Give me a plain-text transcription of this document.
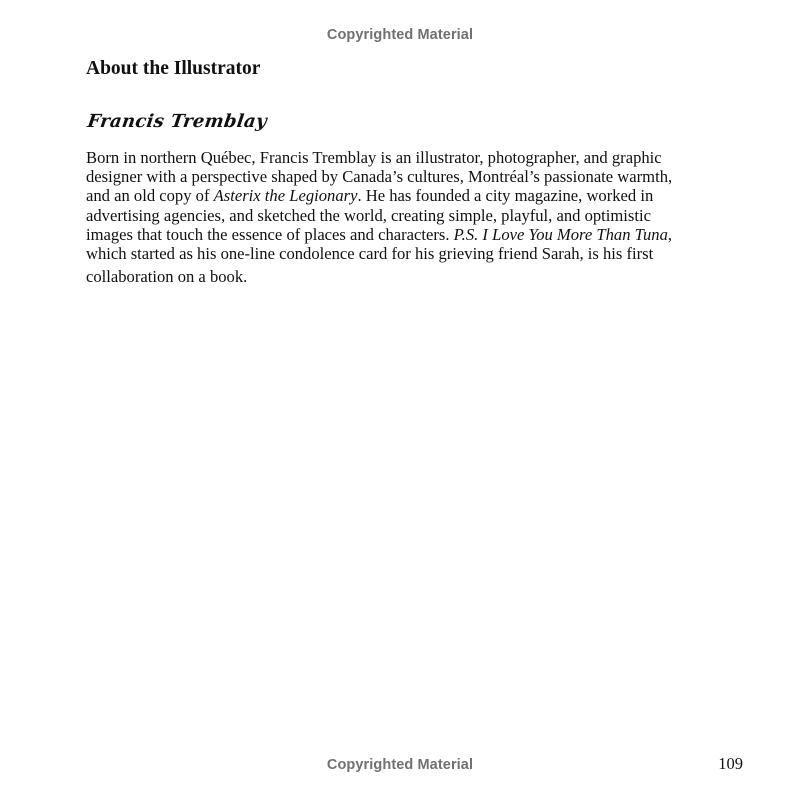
Copyrighted Material
About the Illustrator
Francis Tremblay

Born in northern Québec, Francis Tremblay is an illustrator, photographer, and graphic
designer with a perspective shaped by Canada’s cultures, Montréal’s passionate warmth,
and an old copy of Asterix the Legionary. He has founded a city magazine, worked in
advertising agencies, and sketched the world, creating simple, playful, and optimistic
images that touch the essence of places and characters. P.S. I Love You More Than Tuna,
which started as his one-line condolence card for his grieving friend Sarah, is his first
collaboration on a book.

Copyrighted Material	109
